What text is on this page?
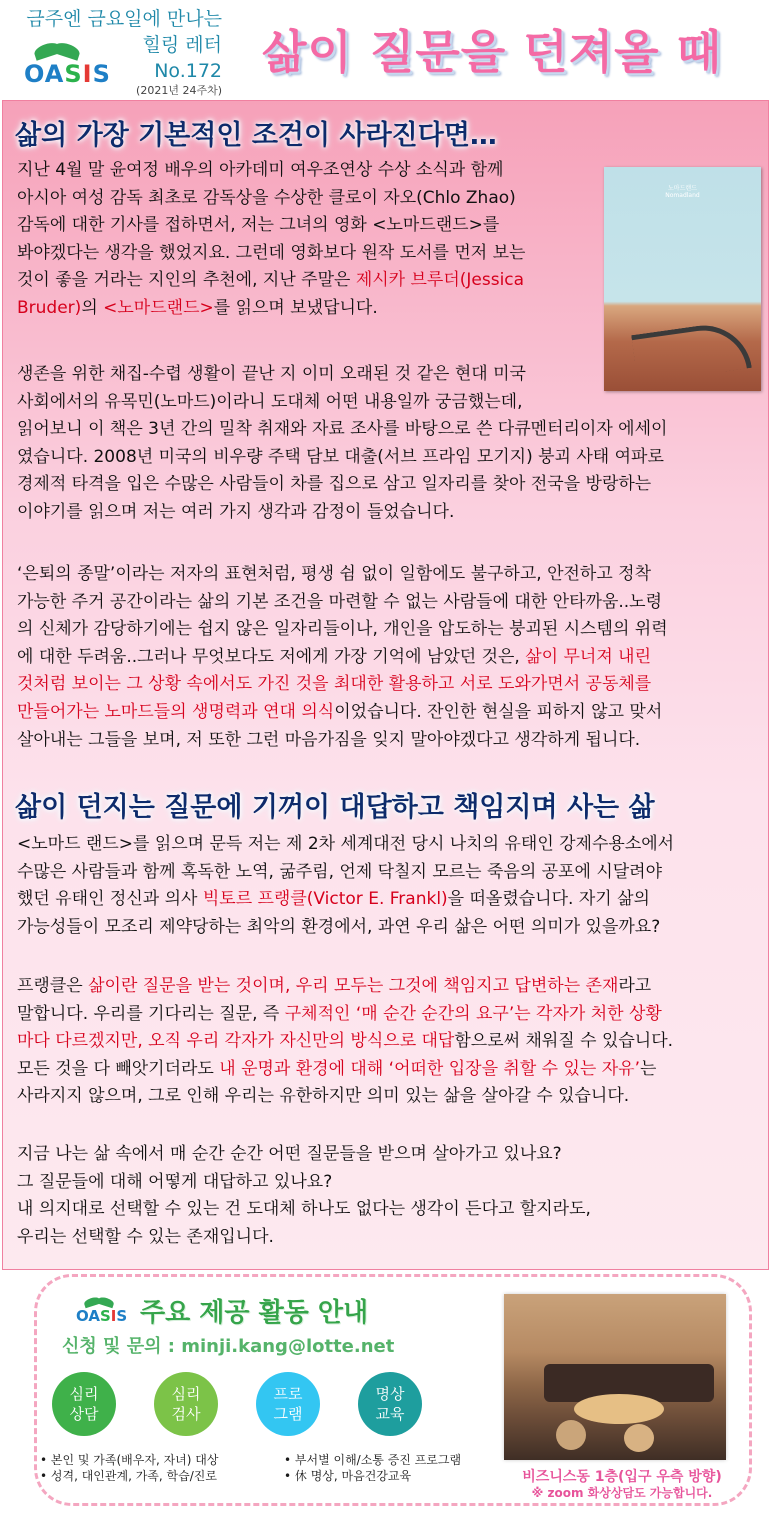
금주엔 금요일에 만나는
힐링 레터
No.172
(2021년 24주차)
OASIS	삶이 질문을 던져올 때
삶의 가장 기본적인 조건이 사라진다면…
지난 4월 말 윤여정 배우의 아카데미 여우조연상 수상 소식과 함께
아시아 여성 감독 최초로 감독상을 수상한 클로이 자오(Chlo Zhao)
감독에 대한 기사를 접하면서, 저는 그녀의 영화 <노마드랜드>를
봐야겠다는 생각을 했었지요. 그런데 영화보다 원작 도서를 먼저 보는
것이 좋을 거라는 지인의 추천에, 지난 주말은 제시카 브루더(Jessica
Bruder)의 <노마드랜드>를 읽으며 보냈답니다.
노마드랜드
Nomadland
생존을 위한 채집-수렵 생활이 끝난 지 이미 오래된 것 같은 현대 미국
사회에서의 유목민(노마드)이라니 도대체 어떤 내용일까 궁금했는데,
읽어보니 이 책은 3년 간의 밀착 취재와 자료 조사를 바탕으로 쓴 다큐멘터리이자 에세이
였습니다. 2008년 미국의 비우량 주택 담보 대출(서브 프라임 모기지) 붕괴 사태 여파로
경제적 타격을 입은 수많은 사람들이 차를 집으로 삼고 일자리를 찾아 전국을 방랑하는
이야기를 읽으며 저는 여러 가지 생각과 감정이 들었습니다.
‘은퇴의 종말’이라는 저자의 표현처럼, 평생 쉼 없이 일함에도 불구하고, 안전하고 정착
가능한 주거 공간이라는 삶의 기본 조건을 마련할 수 없는 사람들에 대한 안타까움..노령
의 신체가 감당하기에는 쉽지 않은 일자리들이나, 개인을 압도하는 붕괴된 시스템의 위력
에 대한 두려움..그러나 무엇보다도 저에게 가장 기억에 남았던 것은, 삶이 무너져 내린
것처럼 보이는 그 상황 속에서도 가진 것을 최대한 활용하고 서로 도와가면서 공동체를
만들어가는 노마드들의 생명력과 연대 의식이었습니다. 잔인한 현실을 피하지 않고 맞서
살아내는 그들을 보며, 저 또한 그런 마음가짐을 잊지 말아야겠다고 생각하게 됩니다.
삶이 던지는 질문에 기꺼이 대답하고 책임지며 사는 삶
<노마드 랜드>를 읽으며 문득 저는 제 2차 세계대전 당시 나치의 유태인 강제수용소에서
수많은 사람들과 함께 혹독한 노역, 굶주림, 언제 닥칠지 모르는 죽음의 공포에 시달려야
했던 유태인 정신과 의사 빅토르 프랭클(Victor E. Frankl)을 떠올렸습니다. 자기 삶의
가능성들이 모조리 제약당하는 최악의 환경에서, 과연 우리 삶은 어떤 의미가 있을까요?
프랭클은 삶이란 질문을 받는 것이며, 우리 모두는 그것에 책임지고 답변하는 존재라고
말합니다. 우리를 기다리는 질문, 즉 구체적인 ‘매 순간 순간의 요구’는 각자가 처한 상황
마다 다르겠지만, 오직 우리 각자가 자신만의 방식으로 대답함으로써 채워질 수 있습니다.
모든 것을 다 빼앗기더라도 내 운명과 환경에 대해 ‘어떠한 입장을 취할 수 있는 자유’는
사라지지 않으며, 그로 인해 우리는 유한하지만 의미 있는 삶을 살아갈 수 있습니다.
지금 나는 삶 속에서 매 순간 순간 어떤 질문들을 받으며 살아가고 있나요?
그 질문들에 대해 어떻게 대답하고 있나요?
내 의지대로 선택할 수 있는 건 도대체 하나도 없다는 생각이 든다고 할지라도,
우리는 선택할 수 있는 존재입니다.
OASIS 주요 제공 활동 안내
신청 및 문의 : minji.kang@lotte.net
심리 상담
심리 검사
프로 그램
명상 교육
• 본인 및 가족(배우자, 자녀) 대상
• 성격, 대인관계, 가족, 학습/진로
• 부서별 이해/소통 증진 프로그램
• 休 명상, 마음건강교육	비즈니스동 1층(입구 우측 방향)
※ zoom 화상상담도 가능합니다.
